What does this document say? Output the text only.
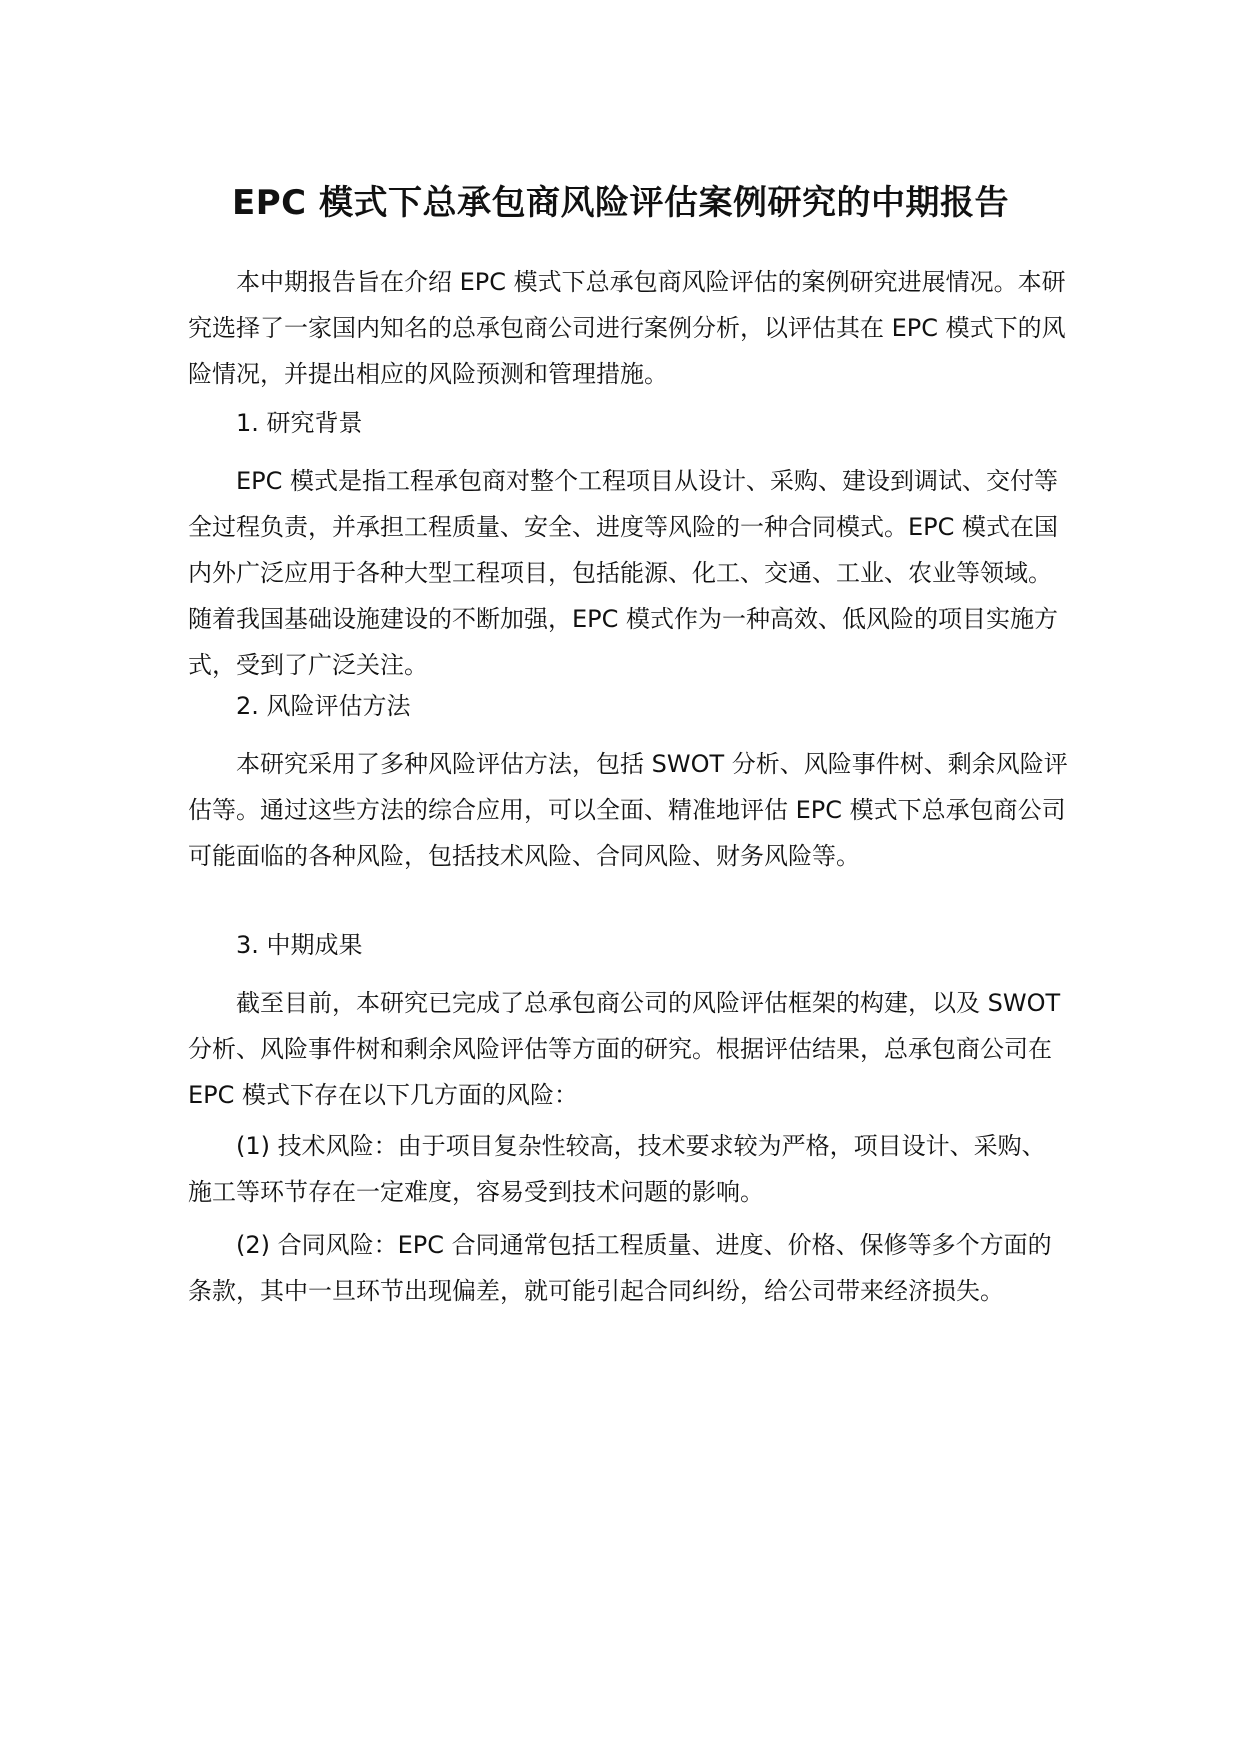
EPC 模式下总承包商风险评估案例研究的中期报告

本中期报告旨在介绍 EPC 模式下总承包商风险评估的案例研究进展情况。本研究选择了一家国内知名的总承包商公司进行案例分析，以评估其在 EPC 模式下的风险情况，并提出相应的风险预测和管理措施。

1. 研究背景

EPC 模式是指工程承包商对整个工程项目从设计、采购、建设到调试、交付等全过程负责，并承担工程质量、安全、进度等风险的一种合同模式。EPC 模式在国内外广泛应用于各种大型工程项目，包括能源、化工、交通、工业、农业等领域。随着我国基础设施建设的不断加强，EPC 模式作为一种高效、低风险的项目实施方式，受到了广泛关注。

2. 风险评估方法

本研究采用了多种风险评估方法，包括 SWOT 分析、风险事件树、剩余风险评估等。通过这些方法的综合应用，可以全面、精准地评估 EPC 模式下总承包商公司可能面临的各种风险，包括技术风险、合同风险、财务风险等。

3. 中期成果

截至目前，本研究已完成了总承包商公司的风险评估框架的构建，以及 SWOT 分析、风险事件树和剩余风险评估等方面的研究。根据评估结果，总承包商公司在 EPC 模式下存在以下几方面的风险：

(1) 技术风险：由于项目复杂性较高，技术要求较为严格，项目设计、采购、施工等环节存在一定难度，容易受到技术问题的影响。

(2) 合同风险：EPC 合同通常包括工程质量、进度、价格、保修等多个方面的条款，其中一旦环节出现偏差，就可能引起合同纠纷，给公司带来经济损失。
